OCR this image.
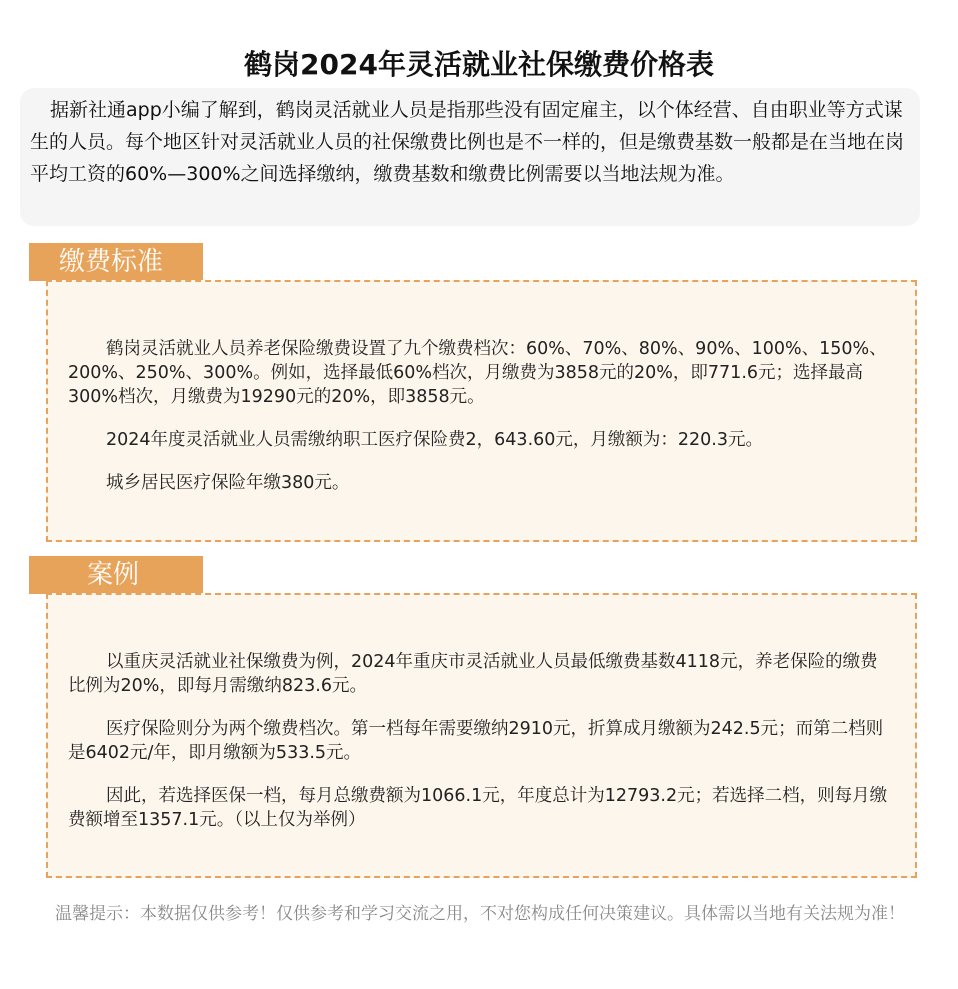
鹤岗2024年灵活就业社保缴费价格表

据新社通app小编了解到，鹤岗灵活就业人员是指那些没有固定雇主，以个体经营、自由职业等方式谋生的人员。每个地区针对灵活就业人员的社保缴费比例也是不一样的，但是缴费基数一般都是在当地在岗平均工资的60%—300%之间选择缴纳，缴费基数和缴费比例需要以当地法规为准。

缴费标准

鹤岗灵活就业人员养老保险缴费设置了九个缴费档次：60%、70%、80%、90%、100%、150%、200%、250%、300%。例如，选择最低60%档次，月缴费为3858元的20%，即771.6元；选择最高300%档次，月缴费为19290元的20%，即3858元。

2024年度灵活就业人员需缴纳职工医疗保险费2，643.60元，月缴额为：220.3元。

城乡居民医疗保险年缴380元。

案例

以重庆灵活就业社保缴费为例，2024年重庆市灵活就业人员最低缴费基数4118元，养老保险的缴费比例为20%，即每月需缴纳823.6元。

医疗保险则分为两个缴费档次。第一档每年需要缴纳2910元，折算成月缴额为242.5元；而第二档则是6402元/年，即月缴额为533.5元。

因此，若选择医保一档，每月总缴费额为1066.1元，年度总计为12793.2元；若选择二档，则每月缴费额增至1357.1元。（以上仅为举例）

温馨提示：本数据仅供参考！仅供参考和学习交流之用，不对您构成任何决策建议。具体需以当地有关法规为准！
